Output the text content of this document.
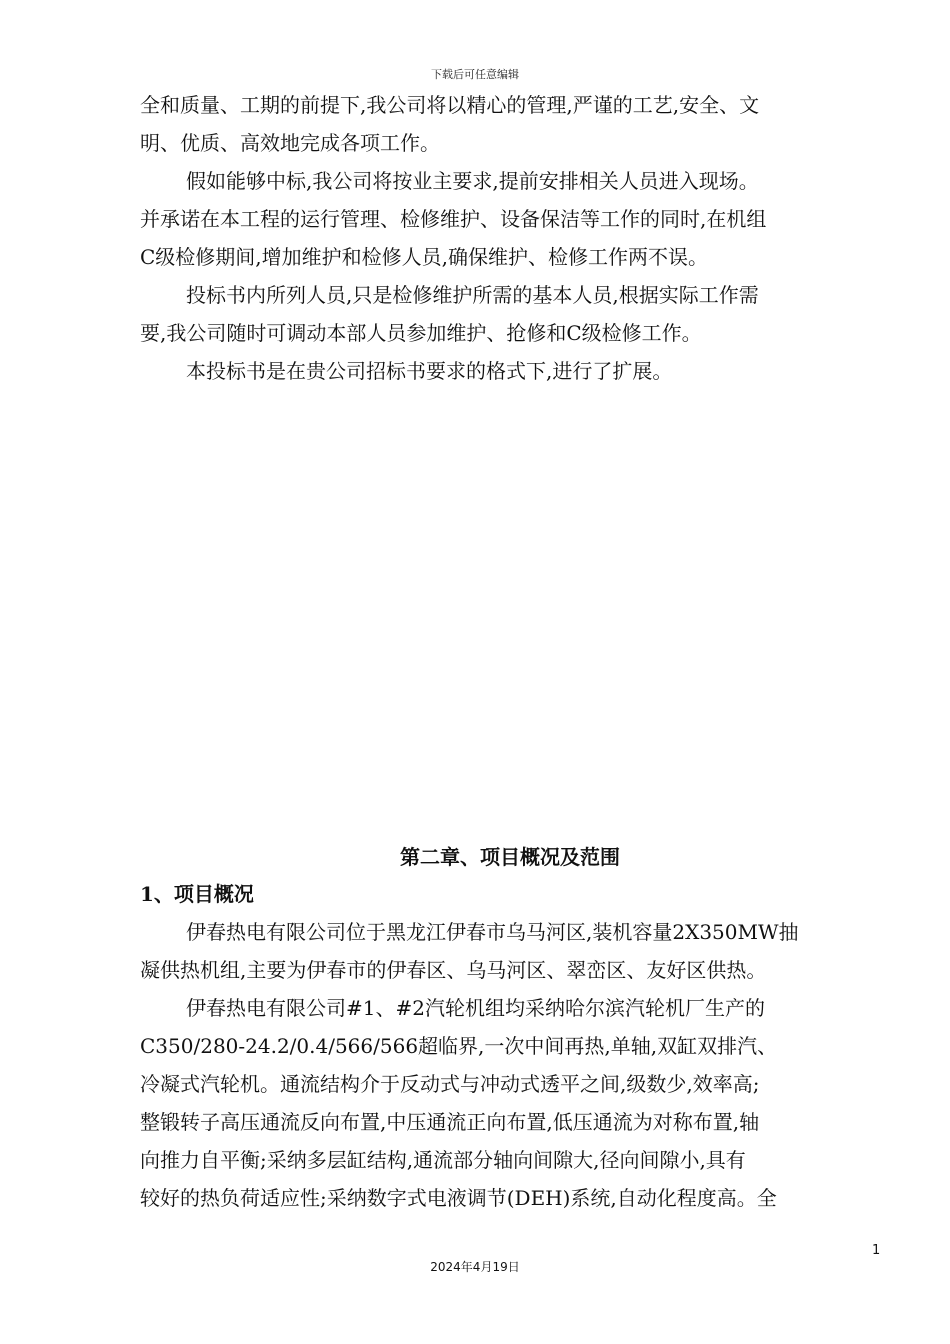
下载后可任意编辑
全和质量、工期的前提下,我公司将以精心的管理,严谨的工艺,安全、文
明、优质、高效地完成各项工作。
假如能够中标,我公司将按业主要求,提前安排相关人员进入现场。
并承诺在本工程的运行管理、检修维护、设备保洁等工作的同时,在机组
C级检修期间,增加维护和检修人员,确保维护、检修工作两不误。
投标书内所列人员,只是检修维护所需的基本人员,根据实际工作需
要,我公司随时可调动本部人员参加维护、抢修和C级检修工作。
本投标书是在贵公司招标书要求的格式下,进行了扩展。
第二章、项目概况及范围
1、项目概况
伊春热电有限公司位于黑龙江伊春市乌马河区,装机容量2X350MW抽
凝供热机组,主要为伊春市的伊春区、乌马河区、翠峦区、友好区供热。
伊春热电有限公司#1、#2汽轮机组均采纳哈尔滨汽轮机厂生产的
C350/280-24.2/0.4/566/566超临界,一次中间再热,单轴,双缸双排汽、
冷凝式汽轮机。通流结构介于反动式与冲动式透平之间,级数少,效率高;
整锻转子高压通流反向布置,中压通流正向布置,低压通流为对称布置,轴
向推力自平衡;采纳多层缸结构,通流部分轴向间隙大,径向间隙小,具有
较好的热负荷适应性;采纳数字式电液调节(DEH)系统,自动化程度高。全
1
2024年4月19日
